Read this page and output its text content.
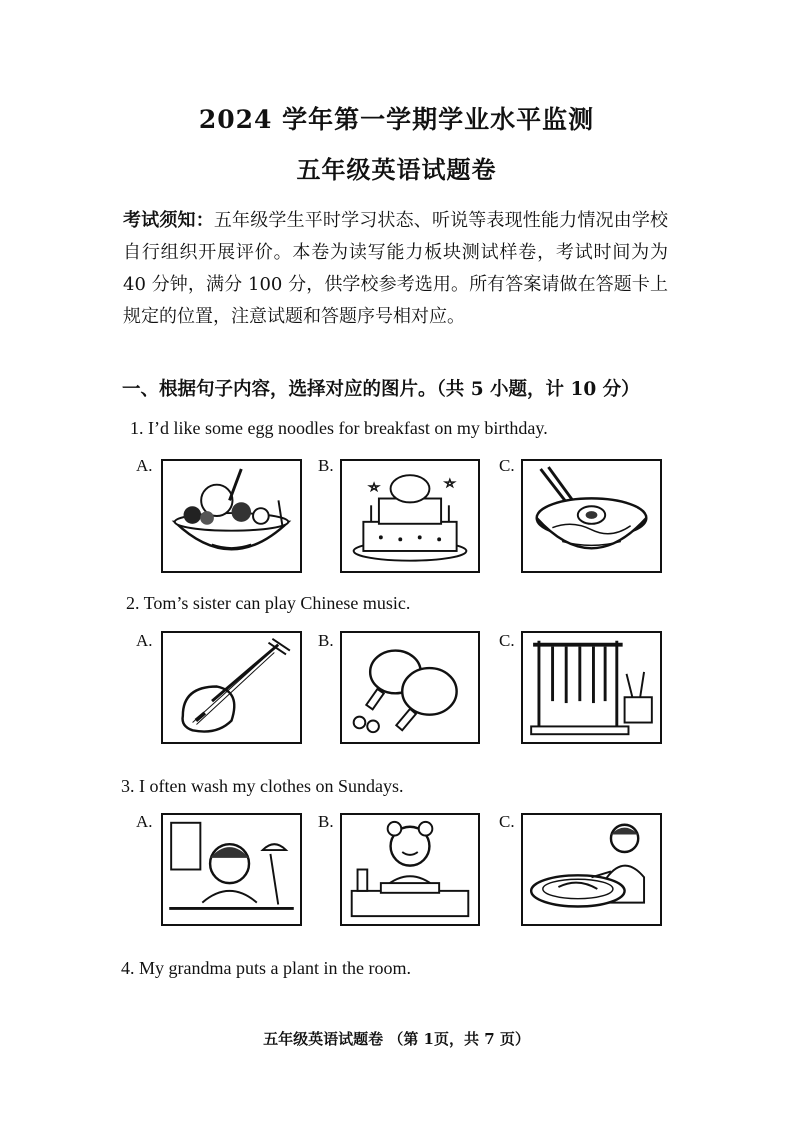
2024 学年第一学期学业水平监测
五年级英语试题卷
考试须知：五年级学生平时学习状态、听说等表现性能力情况由学校自行组织开展评价。本卷为读写能力板块测试样卷，考试时间为为 40 分钟，满分 100 分，供学校参考选用。所有答案请做在答题卡上规定的位置，注意试题和答题序号相对应。
一、根据句子内容，选择对应的图片。（共 5 小题，计 10 分）
1. I’d like some egg noodles for breakfast on my birthday.
A.	B.	C.
2. Tom’s sister can play Chinese music.
A.	B.	C.
3. I often wash my clothes on Sundays.
A.	B.	C.
4. My grandma puts a plant in the room.
五年级英语试题卷 （第 1页，共 7 页）
